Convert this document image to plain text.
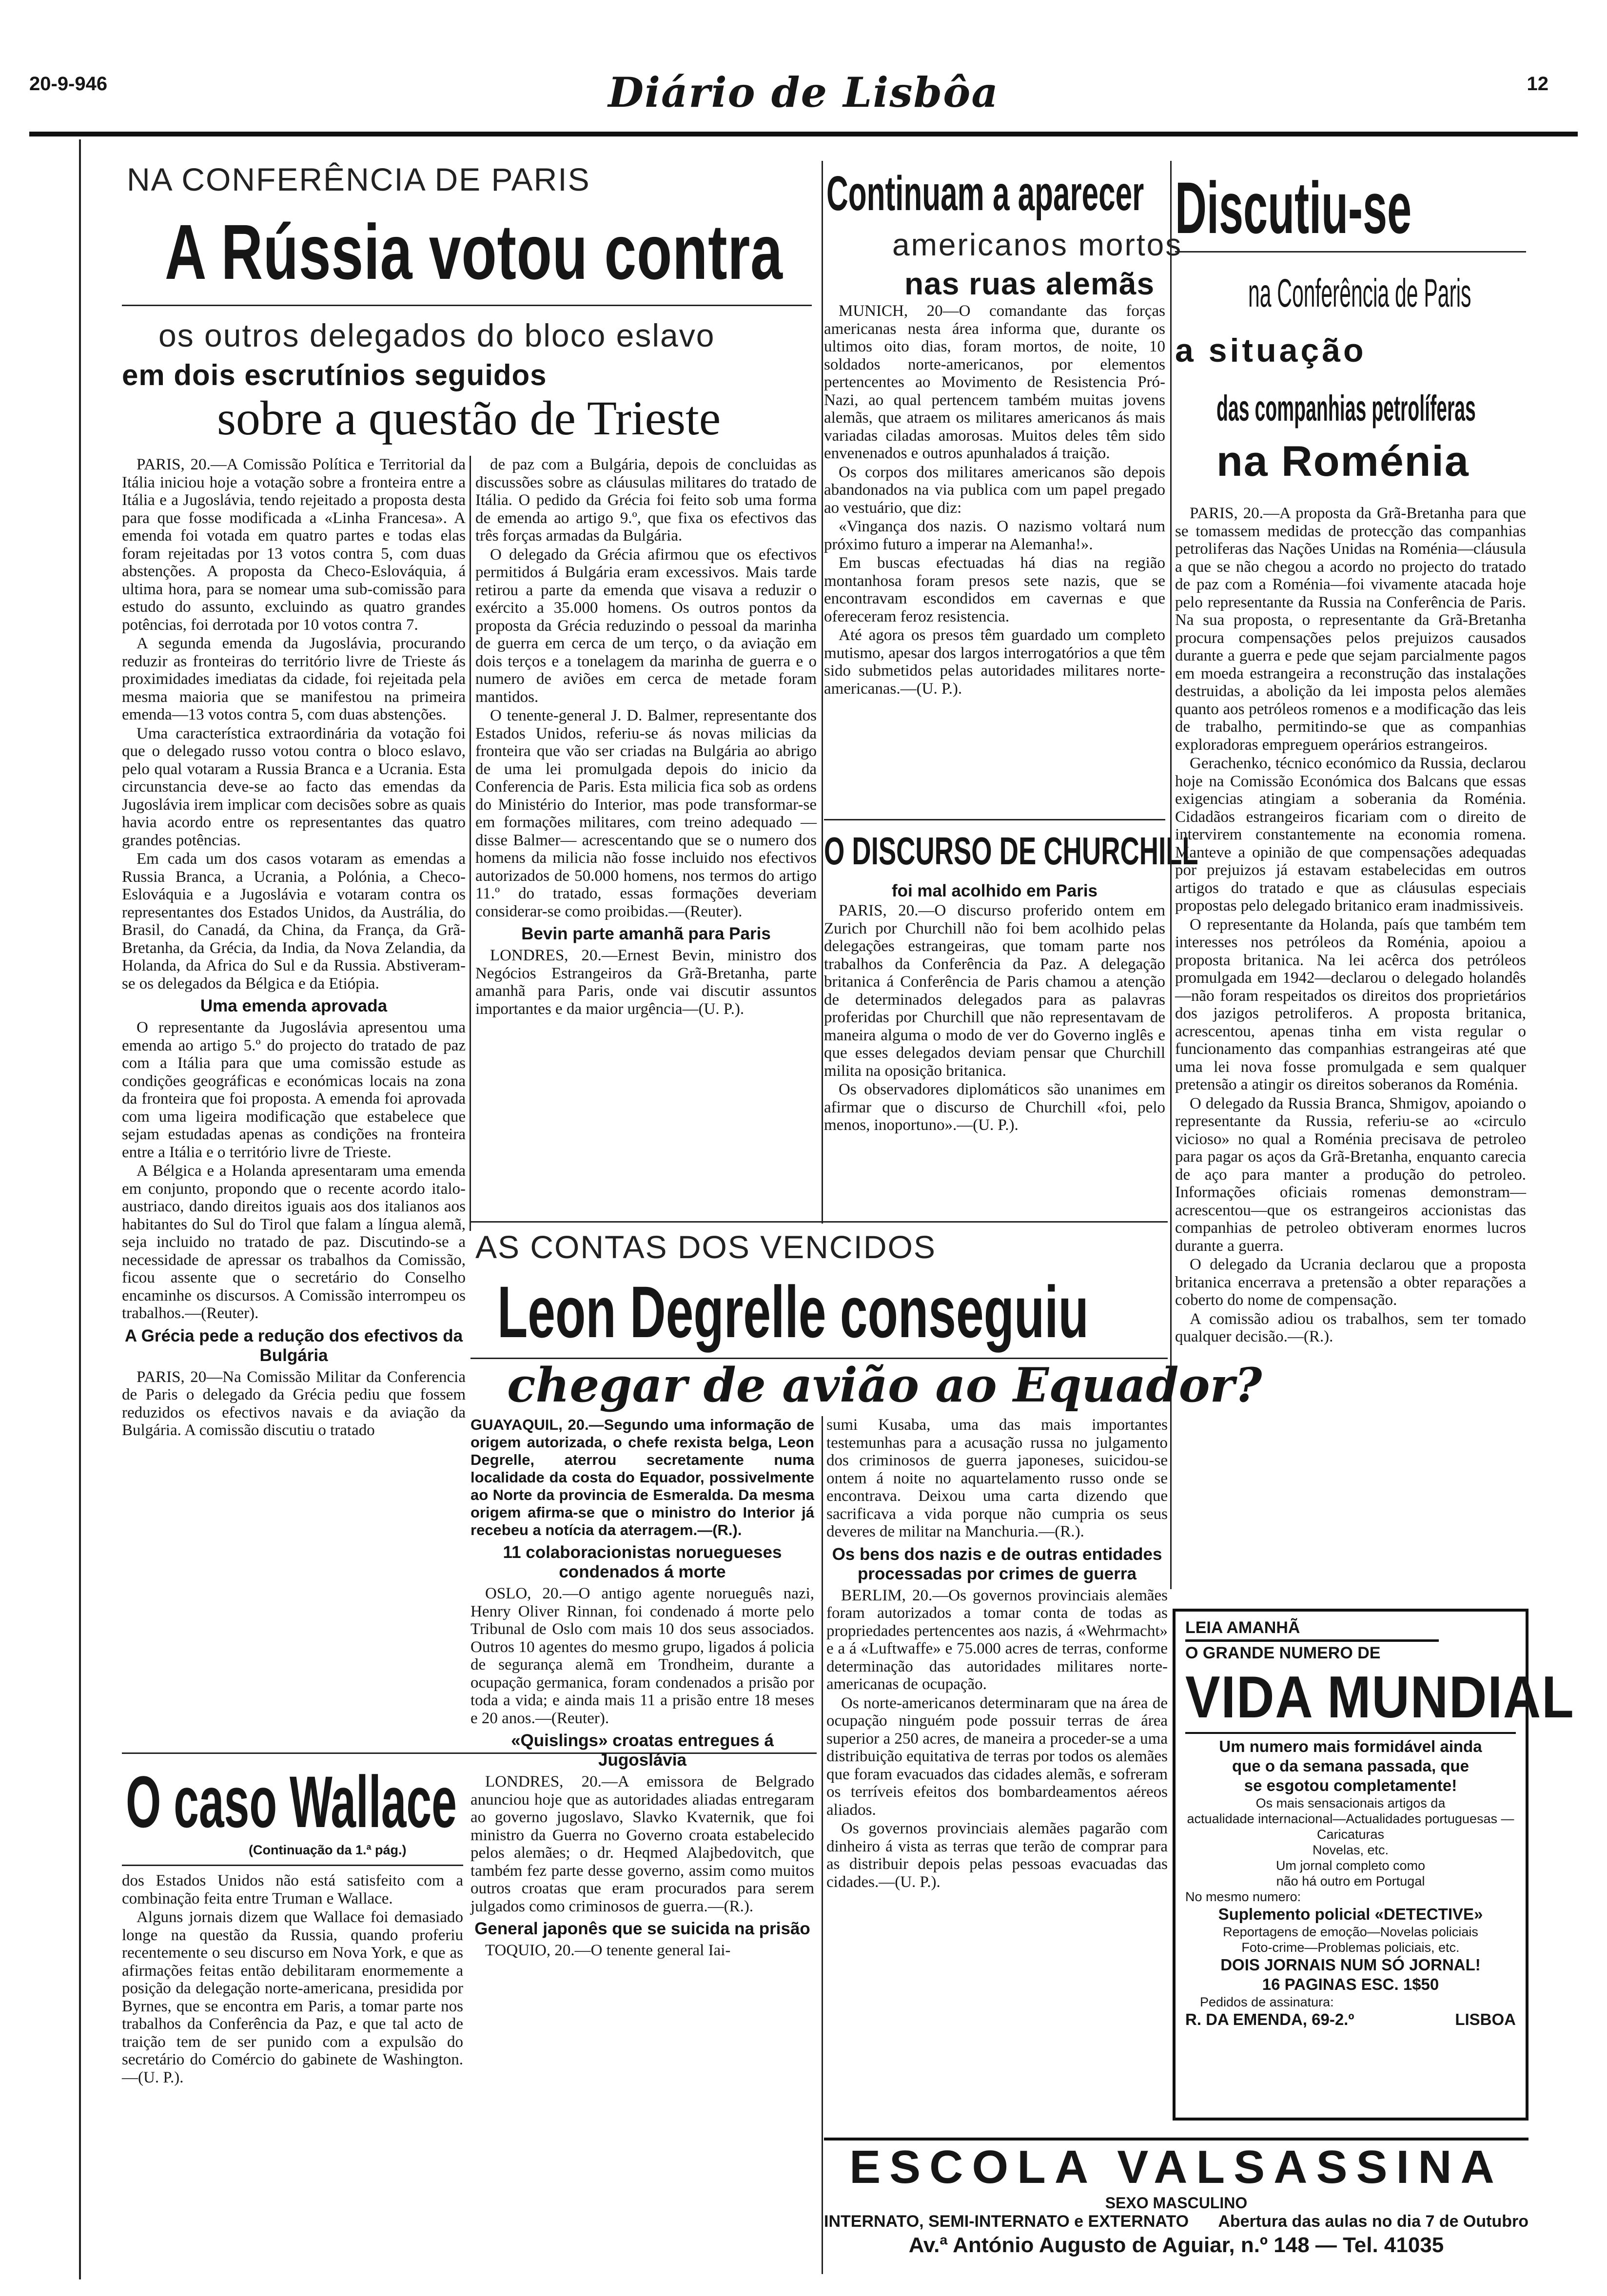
20-9-946	Diário de Lisbôa	12
NA CONFERÊNCIA DE PARIS
A Rússia votou contra
os outros delegados do bloco eslavo
em dois escrutínios seguidos
sobre a questão de Trieste

PARIS, 20.—A Comissão Política e Territorial da Itália iniciou hoje a votação sobre a fronteira entre a Itália e a Jugoslávia, tendo rejeitado a proposta desta para que fosse modificada a «Linha Francesa». A emenda foi votada em quatro partes e todas elas foram rejeitadas por 13 votos contra 5, com duas abstenções. A proposta da Checo-Eslováquia, á ultima hora, para se nomear uma sub-comissão para estudo do assunto, excluindo as quatro grandes potências, foi derrotada por 10 votos contra 7.

A segunda emenda da Jugoslávia, procurando reduzir as fronteiras do território livre de Trieste ás proximidades imediatas da cidade, foi rejeitada pela mesma maioria que se manifestou na primeira emenda—13 votos contra 5, com duas abstenções.

Uma característica extraordinária da votação foi que o delegado russo votou contra o bloco eslavo, pelo qual votaram a Russia Branca e a Ucrania. Esta circunstancia deve-se ao facto das emendas da Jugoslávia irem implicar com decisões sobre as quais havia acordo entre os representantes das quatro grandes potências.

Em cada um dos casos votaram as emendas a Russia Branca, a Ucrania, a Polónia, a Checo-Eslováquia e a Jugoslávia e votaram contra os representantes dos Estados Unidos, da Austrália, do Brasil, do Canadá, da China, da França, da Grã-Bretanha, da Grécia, da India, da Nova Zelandia, da Holanda, da Africa do Sul e da Russia. Abstiveram-se os delegados da Bélgica e da Etiópia.

Uma emenda aprovada

O representante da Jugoslávia apresentou uma emenda ao artigo 5.º do projecto do tratado de paz com a Itália para que uma comissão estude as condições geográficas e económicas locais na zona da fronteira que foi proposta. A emenda foi aprovada com uma ligeira modificação que estabelece que sejam estudadas apenas as condições na fronteira entre a Itália e o território livre de Trieste.

A Bélgica e a Holanda apresentaram uma emenda em conjunto, propondo que o recente acordo italo-austriaco, dando direitos iguais aos dos italianos aos habitantes do Sul do Tirol que falam a língua alemã, seja incluido no tratado de paz. Discutindo-se a necessidade de apressar os trabalhos da Comissão, ficou assente que o secretário do Conselho encaminhe os discursos. A Comissão interrompeu os trabalhos.—(Reuter).

A Grécia pede a redução dos efectivos da Bulgária

PARIS, 20—Na Comissão Militar da Conferencia de Paris o delegado da Grécia pediu que fossem reduzidos os efectivos navais e da aviação da Bulgária. A comissão discutiu o tratado

de paz com a Bulgária, depois de concluidas as discussões sobre as cláusulas militares do tratado de Itália. O pedido da Grécia foi feito sob uma forma de emenda ao artigo 9.º, que fixa os efectivos das três forças armadas da Bulgária.

O delegado da Grécia afirmou que os efectivos permitidos á Bulgária eram excessivos. Mais tarde retirou a parte da emenda que visava a reduzir o exército a 35.000 homens. Os outros pontos da proposta da Grécia reduzindo o pessoal da marinha de guerra em cerca de um terço, o da aviação em dois terços e a tonelagem da marinha de guerra e o numero de aviões em cerca de metade foram mantidos.

O tenente-general J. D. Balmer, representante dos Estados Unidos, referiu-se ás novas milicias da fronteira que vão ser criadas na Bulgária ao abrigo de uma lei promulgada depois do inicio da Conferencia de Paris. Esta milicia fica sob as ordens do Ministério do Interior, mas pode transformar-se em formações militares, com treino adequado — disse Balmer— acrescentando que se o numero dos homens da milicia não fosse incluido nos efectivos autorizados de 50.000 homens, nos termos do artigo 11.º do tratado, essas formações deveriam considerar-se como proibidas.—(Reuter).

Bevin parte amanhã para Paris

LONDRES, 20.—Ernest Bevin, ministro dos Negócios Estrangeiros da Grã-Bretanha, parte amanhã para Paris, onde vai discutir assuntos importantes e da maior urgência—(U. P.).

O caso Wallace
(Continuação da 1.ª pág.)

dos Estados Unidos não está satisfeito com a combinação feita entre Truman e Wallace.

Alguns jornais dizem que Wallace foi demasiado longe na questão da Russia, quando proferiu recentemente o seu discurso em Nova York, e que as afirmações feitas então debilitaram enormemente a posição da delegação norte-americana, presidida por Byrnes, que se encontra em Paris, a tomar parte nos trabalhos da Conferência da Paz, e que tal acto de traição tem de ser punido com a expulsão do secretário do Comércio do gabinete de Washington.—(U. P.).

Continuam a aparecer
americanos mortos
nas ruas alemãs

MUNICH, 20—O comandante das forças americanas nesta área informa que, durante os ultimos oito dias, foram mortos, de noite, 10 soldados norte-americanos, por elementos pertencentes ao Movimento de Resistencia Pró-Nazi, ao qual pertencem também muitas jovens alemãs, que atraem os militares americanos ás mais variadas ciladas amorosas. Muitos deles têm sido envenenados e outros apunhalados á traição.

Os corpos dos militares americanos são depois abandonados na via publica com um papel pregado ao vestuário, que diz:

«Vingança dos nazis. O nazismo voltará num próximo futuro a imperar na Alemanha!».

Em buscas efectuadas há dias na região montanhosa foram presos sete nazis, que se encontravam escondidos em cavernas e que ofereceram feroz resistencia.

Até agora os presos têm guardado um completo mutismo, apesar dos largos interrogatórios a que têm sido submetidos pelas autoridades militares norte-americanas.—(U. P.).

O DISCURSO DE CHURCHILL
foi mal acolhido em Paris

PARIS, 20.—O discurso proferido ontem em Zurich por Churchill não foi bem acolhido pelas delegações estrangeiras, que tomam parte nos trabalhos da Conferência da Paz. A delegação britanica á Conferência de Paris chamou a atenção de determinados delegados para as palavras proferidas por Churchill que não representavam de maneira alguma o modo de ver do Governo inglês e que esses delegados deviam pensar que Churchill milita na oposição britanica.

Os observadores diplomáticos são unanimes em afirmar que o discurso de Churchill «foi, pelo menos, inoportuno».—(U. P.).

Discutiu-se
na Conferência de Paris
a situação
das companhias petrolíferas
na Roménia

PARIS, 20.—A proposta da Grã-Bretanha para que se tomassem medidas de protecção das companhias petroliferas das Nações Unidas na Roménia—cláusula a que se não chegou a acordo no projecto do tratado de paz com a Roménia—foi vivamente atacada hoje pelo representante da Russia na Conferência de Paris. Na sua proposta, o representante da Grã-Bretanha procura compensações pelos prejuizos causados durante a guerra e pede que sejam parcialmente pagos em moeda estrangeira a reconstrução das instalações destruidas, a abolição da lei imposta pelos alemães quanto aos petróleos romenos e a modificação das leis de trabalho, permitindo-se que as companhias exploradoras empreguem operários estrangeiros.

Gerachenko, técnico económico da Russia, declarou hoje na Comissão Económica dos Balcans que essas exigencias atingiam a soberania da Roménia. Cidadãos estrangeiros ficariam com o direito de intervirem constantemente na economia romena. Manteve a opinião de que compensações adequadas por prejuizos já estavam estabelecidas em outros artigos do tratado e que as cláusulas especiais propostas pelo delegado britanico eram inadmissiveis.

O representante da Holanda, país que também tem interesses nos petróleos da Roménia, apoiou a proposta britanica. Na lei acêrca dos petróleos promulgada em 1942—declarou o delegado holandês—não foram respeitados os direitos dos proprietários dos jazigos petroliferos. A proposta britanica, acrescentou, apenas tinha em vista regular o funcionamento das companhias estrangeiras até que uma lei nova fosse promulgada e sem qualquer pretensão a atingir os direitos soberanos da Roménia.

O delegado da Russia Branca, Shmigov, apoiando o representante da Russia, referiu-se ao «circulo vicioso» no qual a Roménia precisava de petroleo para pagar os aços da Grã-Bretanha, enquanto carecia de aço para manter a produção do petroleo. Informações oficiais romenas demonstram—acrescentou—que os estrangeiros accionistas das companhias de petroleo obtiveram enormes lucros durante a guerra.

O delegado da Ucrania declarou que a proposta britanica encerrava a pretensão a obter reparações a coberto do nome de compensação.

A comissão adiou os trabalhos, sem ter tomado qualquer decisão.—(R.).

AS CONTAS DOS VENCIDOS
Leon Degrelle conseguiu
chegar de avião ao Equador?
GUAYAQUIL, 20.—Segundo uma informação de origem autorizada, o chefe rexista belga, Leon Degrelle, aterrou secretamente numa localidade da costa do Equador, possivelmente ao Norte da provincia de Esmeralda. Da mesma origem afirma-se que o ministro do Interior já recebeu a notícia da aterragem.—(R.).
11 colaboracionistas noruegueses condenados á morte

OSLO, 20.—O antigo agente norueguês nazi, Henry Oliver Rinnan, foi condenado á morte pelo Tribunal de Oslo com mais 10 dos seus associados. Outros 10 agentes do mesmo grupo, ligados á policia de segurança alemã em Trondheim, durante a ocupação germanica, foram condenados a prisão por toda a vida; e ainda mais 11 a prisão entre 18 meses e 20 anos.—(Reuter).

«Quislings» croatas entregues á Jugoslávia

LONDRES, 20.—A emissora de Belgrado anunciou hoje que as autoridades aliadas entregaram ao governo jugoslavo, Slavko Kvaternik, que foi ministro da Guerra no Governo croata estabelecido pelos alemães; o dr. Heqmed Alajbedovitch, que também fez parte desse governo, assim como muitos outros croatas que eram procurados para serem julgados como criminosos de guerra.—(R.).

General japonês que se suicida na prisão

TOQUIO, 20.—O tenente general Iai-

sumi Kusaba, uma das mais importantes testemunhas para a acusação russa no julgamento dos criminosos de guerra japoneses, suicidou-se ontem á noite no aquartelamento russo onde se encontrava. Deixou uma carta dizendo que sacrificava a vida porque não cumpria os seus deveres de militar na Manchuria.—(R.).

Os bens dos nazis e de outras entidades processadas por crimes de guerra

BERLIM, 20.—Os governos provinciais alemães foram autorizados a tomar conta de todas as propriedades pertencentes aos nazis, á «Wehrmacht» e a á «Luftwaffe» e 75.000 acres de terras, conforme determinação das autoridades militares norte-americanas de ocupação.

Os norte-americanos determinaram que na área de ocupação ninguém pode possuir terras de área superior a 250 acres, de maneira a proceder-se a uma distribuição equitativa de terras por todos os alemães que foram evacuados das cidades alemãs, e sofreram os terríveis efeitos dos bombardeamentos aéreos aliados.

Os governos provinciais alemães pagarão com dinheiro á vista as terras que terão de comprar para as distribuir depois pelas pessoas evacuadas das cidades.—(U. P.).

LEIA AMANHÃ
O GRANDE NUMERO DE
VIDA MUNDIAL
Um numero mais formidável ainda
que o da semana passada, que
se esgotou completamente!
Os mais sensacionais artigos da
actualidade internacional—Actualidades portuguesas — Caricaturas
Novelas, etc.
Um jornal completo como
não há outro em Portugal
No mesmo numero:
Suplemento policial «DETECTIVE»
Reportagens de emoção—Novelas policiais
Foto-crime—Problemas policiais, etc.
DOIS JORNAIS NUM SÓ JORNAL!
16 PAGINAS ESC. 1$50
Pedidos de assinatura:
R. DA EMENDA, 69-2.º	LISBOA
ESCOLA VALSASSINA
SEXO MASCULINO
INTERNATO, SEMI-INTERNATO e EXTERNATO Abertura das aulas no dia 7 de Outubro
Av.ª António Augusto de Aguiar, n.º 148 — Tel. 41035
